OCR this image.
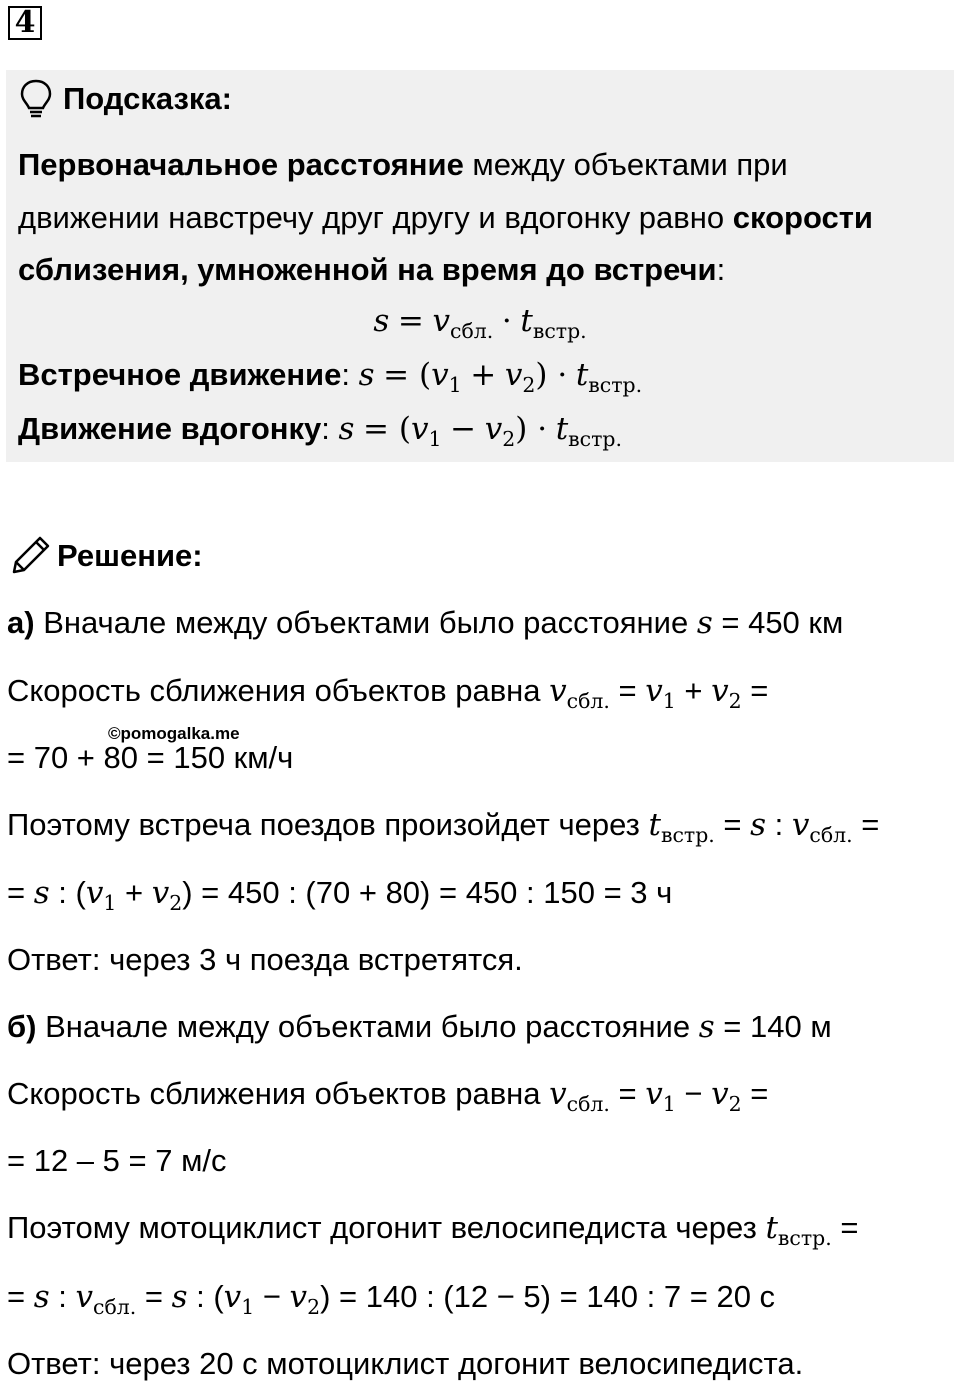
4
Подсказка:
Первоначальное расстояние между объектами при
движении навстречу друг другу и вдогонку равно скорости
сблизения, умноженной на время до встречи:
$s = v_{сбл.} \cdot t_{встр.}$
Встречное движение: $s = (v_1 + v_2) \cdot t_{встр.}$
Движение вдогонку: $s = (v_1 - v_2) \cdot t_{встр.}$
Решение:
а) Вначале между объектами было расстояние s = 450 км
Скорость сближения объектов равна $v_{сбл.} = v_1 + v_2$ =
©pomogalka.me
= 70 + 80 = 150 км/ч
Поэтому встреча поездов произойдет через $t_{встр.} = s$ : $v_{сбл.}$ =
= s : $(v_1 + v_2) = 450$ : (70 + 80) = 450 : 150 = 3 ч
Ответ: через 3 ч поезда встретятся.
б) Вначале между объектами было расстояние s = 140 м
Скорость сближения объектов равна $v_{сбл.} = v_1 - v_2$ =
= 12 – 5 = 7 м/с
Поэтому мотоциклист догонит велосипедиста через $t_{встр.}$ =
= s : $v_{сбл.} = s$ : $(v_1 - v_2) = 140$ : (12 − 5) = 140 : 7 = 20 с
Ответ: через 20 с мотоциклист догонит велосипедиста.
